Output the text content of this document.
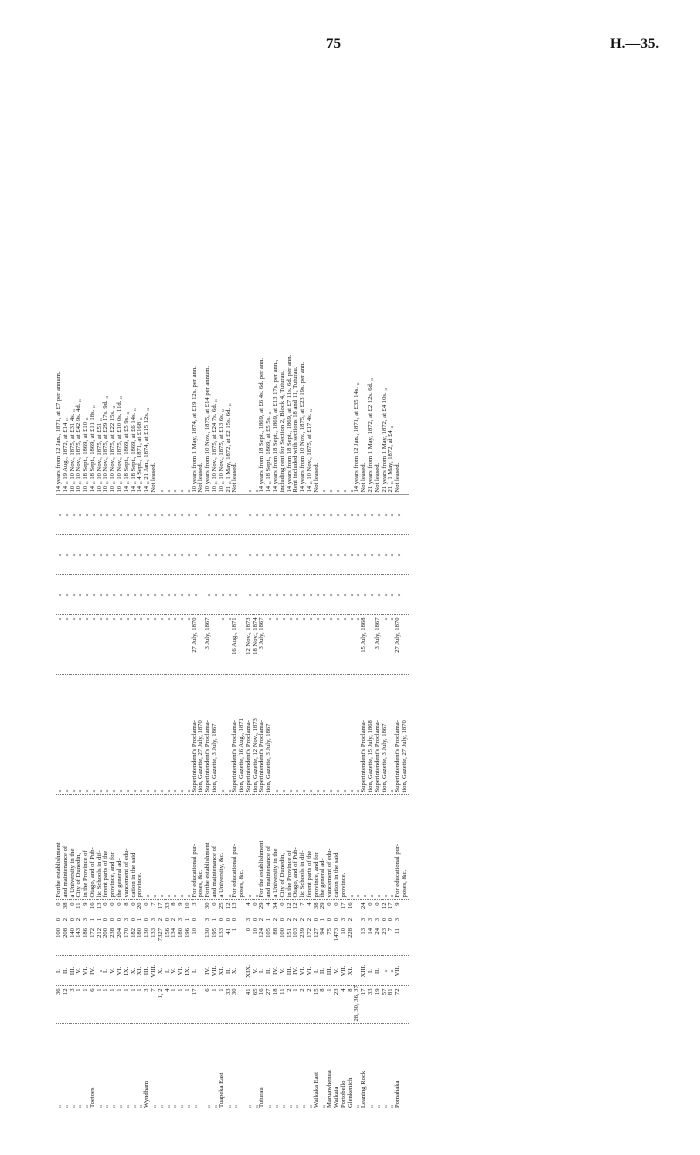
75	H.—35.
„	36	I.	100	0	0	Forthe establishment	„	„	„	„	„	14 years from 12 Jan., 1871, at £7 per annum.
„	12	II.	208	2	38	and maintenance of	„	„	„	„	„	14 „ 19 Aug., 1872, at £14 „
„	3	III.	140	0	0	a University in the	„	„	„	„	„	10 „ 10 Nov., 1875, at £31 4s. „
„	1	V.	143	2	11	City of Dunedin,	„	„	„	„	„	10 „ 10 Nov., 1875, at £42 9s. 4d. „
„	1	VI.	186	3	9	in the Province of	„	„	„	„	„	10 „ 18 Sept., 1869, at £10 „
Toetoes	6	IV.	172	1	16	Otago, and of Pub-	„	„	„	„	„	14 „ 18 Sept., 1869, at £11 18s. „
„	1	„	212	1	13	lic Schools in dif-	„	„	„	„	„	10 „ 10 Nov., 1875, at £51 „
„	1	I.	200	0	0	ferent parts of the	„	„	„	„	„	10 „ 10 Nov., 1875, at £29 17s. 9d. „
„	1	V.	238	0	0	province, and for	„	„	„	„	„	10 „ 10 Nov., 1875, at £22 15s. „
„	1	VI.	204	0	0	the general ad-	„	„	„	„	„	10 „ 10 Nov., 1875, at £10 0s. 11d. „
„	1	IX.	170	3	8	vancement of edu-	„	„	„	„	„	14 „ 18 Sept., 1869, at £5 9s. „
„	1	X.	182	0	0	cation in the said	„	„	„	„	„	14 „ 18 Sept., 1869, at £6 14s. „
„	1	XI.	180	1	20	province.	„	„	„	„	„	14 „ 4 Sept., 1871, at £168 „
Wyndham	3	III.	130	0	0	„	„	„	„	„	„	14 „ 21 Jan., 1874, at £15 12s. „
„	7	VIII.	133	3	7	„	„	„	„	„	„	Not leased.
„	1, 2	X.	7327	2	17	„	„	„	„	„	„	„
„	4	I.	156	0	33	„	„	„	„	„	„	„
„	1	V.	134	2	8	„	„	„	„	„	„	„
„	1	VI.	180	3	9	„	„	„	„	„	„	„
„	1	IX.	196	1	10	„	„	„	„	„	„	„
„	17	I.	10	0	3	For educational pur-	Superintendent's Proclama-	27 July, 1870	„	„	„	10 years from 1 May, 1874, at £19 12s. per ann.
						poses, &c.	tion, Gazette, 27 July, 1870					Not leased.
„	6	IV.	130	3	30	Forthe establishment	Superintendent's Proclama-	3 July, 1867	„	„	„	10 years from 10 Nov., 1875, at £14 per annum.
„	1	VII.	195	1	0	and maintenance of	tion, Gazette, 3 July, 1867		„	„	„	10 „ 10 Nov., 1875, at £24 7s. 6d. „
Tuapeka East	1	XI.	133	0	25	a University, &c.	„	„	„	„	„	10 „ 10 Nov., 1875, at £13 6s. „
„	33	II.	41	0	12	„	„	„	„	„	„	21 „ 1 May, 1872, at £2 15s. 6d. „
„	30	X.	1	0	13	For educational pur-	Superintendent's Proclama-	16 Aug., 1871	„	„	„	Not leased.
						poses, &c.	tion, Gazette, 16 Aug., 1871					
„	41	XIX.	0	3	4	„	Superintendent's Proclama-	12 Nov., 1873	„	„	„	„
„	65	V.	10	0	0	„	tion, Gazette, 12 Nov., 1873	18 Nov., 1874	„	„	„	„
Tuturau	16	I.	124	2	29	For the establishment	Superintendent's Proclama-	3 July, 1867	„	„	„	14 years from 18 Sept., 1869, at £6 4s. 6d. per ann.
„	27	II.	105	1	4	and maintenance of	tion, Gazette, 3 July, 1867	„	„	„	„	14 „ 18 Sept., 1869, at £5 5s. „
„	18	IV.	88	2	34	a University in the	„	„	„	„	„	14 years from 18 Sept., 1869, at £13 17s. per ann.,
„	11	V.	100	0	0	City of Dunedin,	„	„	„	„	„	including rent for Section 2, Block 4, Tuturau.
„	2	III.	151	2	12	in the Province of	„	„	„	„	„	14 years from 18 Sept., 1869, at £7 11s. 6d. per ann.
„	1	IV.	103	2	12	Otago, and of Pub-	„	„	„	„	„	Rent included with sections 18 and 11, Tuturau.
„	2	VI.	239	2	7	lic Schools in dif-	„	„	„	„	„	14 years from 10 Nov., 1875, at £23 19s. per ann.
„	2	VI.	172	2	4	ferent parts of the	„	„	„	„	„	14 „ 10 Nov., 1875, at £17 4s. „
Waikaka East	15	I.	127	0	38	province, and for	„	„	„	„	„	Not leased.
„	8	II.	94	1	29	the general ad-	„	„	„	„	„	„
Maruawhenua	1	III.	75	0	0	vancement of edu-	„	„	„	„	„	„
Waikaia	23	V.	1473	0	0	cation in the said	„	„	„	„	„	„
Portobello	4	VII.	10	3	17	province.	„	„	„	„	„	„
Glenkenich	8	XI.	228	2	16	„	„	„	„	„	„	„
„	28, 30, 36, 37					„	„	„	„	„	„	14 years from 12 Jan., 1871, at £35 14s. „
Leaning Rock	17	XIII.	13	3	24	„	Superintendent's Proclama-	15 July, 1868	„	„	„	Not leased.
„	33	I.	14	3	0	„	tion, Gazette, 15 July, 1868		„	„	„	21 years from 1 May, 1872, at £2 12s. 6d. „
„	19	II.	24	3	0	„	Superintendent's Proclama-	3 July, 1867	„	„	„	Not leased.
„	57	„	23	0	12	„	tion, Gazette, 3 July, 1867	„	„	„	„	21 years from 1 May, 1872, at £4 10s. „
„	81	„	7	0	17	„	„	„	„	„	„	21 „ 1 May, 1872, at £4 „
Pomahaka	72	VII.	11	3	9	For educational pur-	Superintendent's Proclama-	27 July, 1870	„	„	„	Not leased.
						poses, &c.	tion, Gazette, 27 July, 1870					
